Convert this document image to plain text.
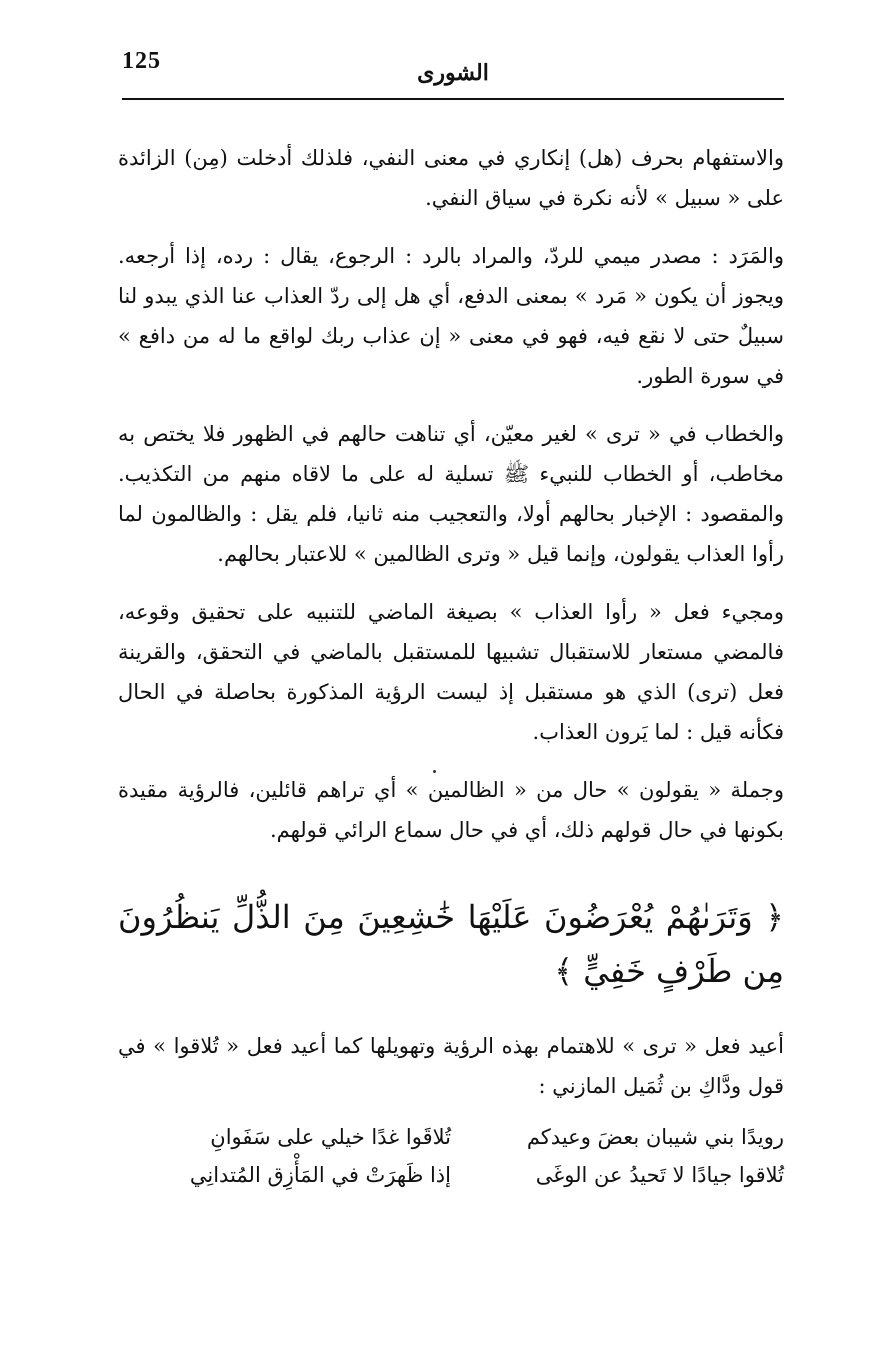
125	الشورى

والاستفهام بحرف (هل) إنكاري في معنى النفي، فلذلك أدخلت (مِن) الزائدة على « سبيل » لأنه نكرة في سياق النفي.

والمَرَد : مصدر ميمي للردّ، والمراد بالرد : الرجوع، يقال : رده، إذا أرجعه. ويجوز أن يكون « مَرد » بمعنى الدفع، أي هل إلى ردّ العذاب عنا الذي يبدو لنا سبيلٌ حتى لا نقع فيه، فهو في معنى « إن عذاب ربك لواقع ما له من دافع » في سورة الطور.

والخطاب في « ترى » لغير معيّن، أي تناهت حالهم في الظهور فلا يختص به مخاطب، أو الخطاب للنبيء ﷺ تسلية له على ما لاقاه منهم من التكذيب. والمقصود : الإخبار بحالهم أولا، والتعجيب منه ثانيا، فلم يقل : والظالمون لما رأوا العذاب يقولون، وإنما قيل « وترى الظالمين » للاعتبار بحالهم.

ومجيء فعل « رأوا العذاب » بصيغة الماضي للتنبيه على تحقيق وقوعه، فالمضي مستعار للاستقبال تشبيها للمستقبل بالماضي في التحقق، والقرينة فعل (ترى) الذي هو مستقبل إذ ليست الرؤية المذكورة بحاصلة في الحال فكأنه قيل : لما يَرون العذاب.

وجملة « يقولون » حال من « الظالمين » أي تراهم قائلين، فالرؤية مقيدة بكونها في حال قولهم ذلك، أي في حال سماع الرائي قولهم.

﴿ وَتَرَىٰهُمْ يُعْرَضُونَ عَلَيْهَا خَٰشِعِينَ مِنَ الذُّلِّ يَنظُرُونَ مِن طَرْفٍ خَفِيٍّ ﴾

أعيد فعل « ترى » للاهتمام بهذه الرؤية وتهويلها كما أعيد فعل « تُلاقوا » في قول ودَّاكِ بن ثُمَيل المازني :

رويدًا بني شيبان بعضَ وعيدكم	تُلاقَوا غدًا خيلي على سَفَوانِ
تُلاقوا جيادًا لا تَحيدُ عن الوغَى	إذا ظَهرَتْ في المَأْزِق المُتدانِي
